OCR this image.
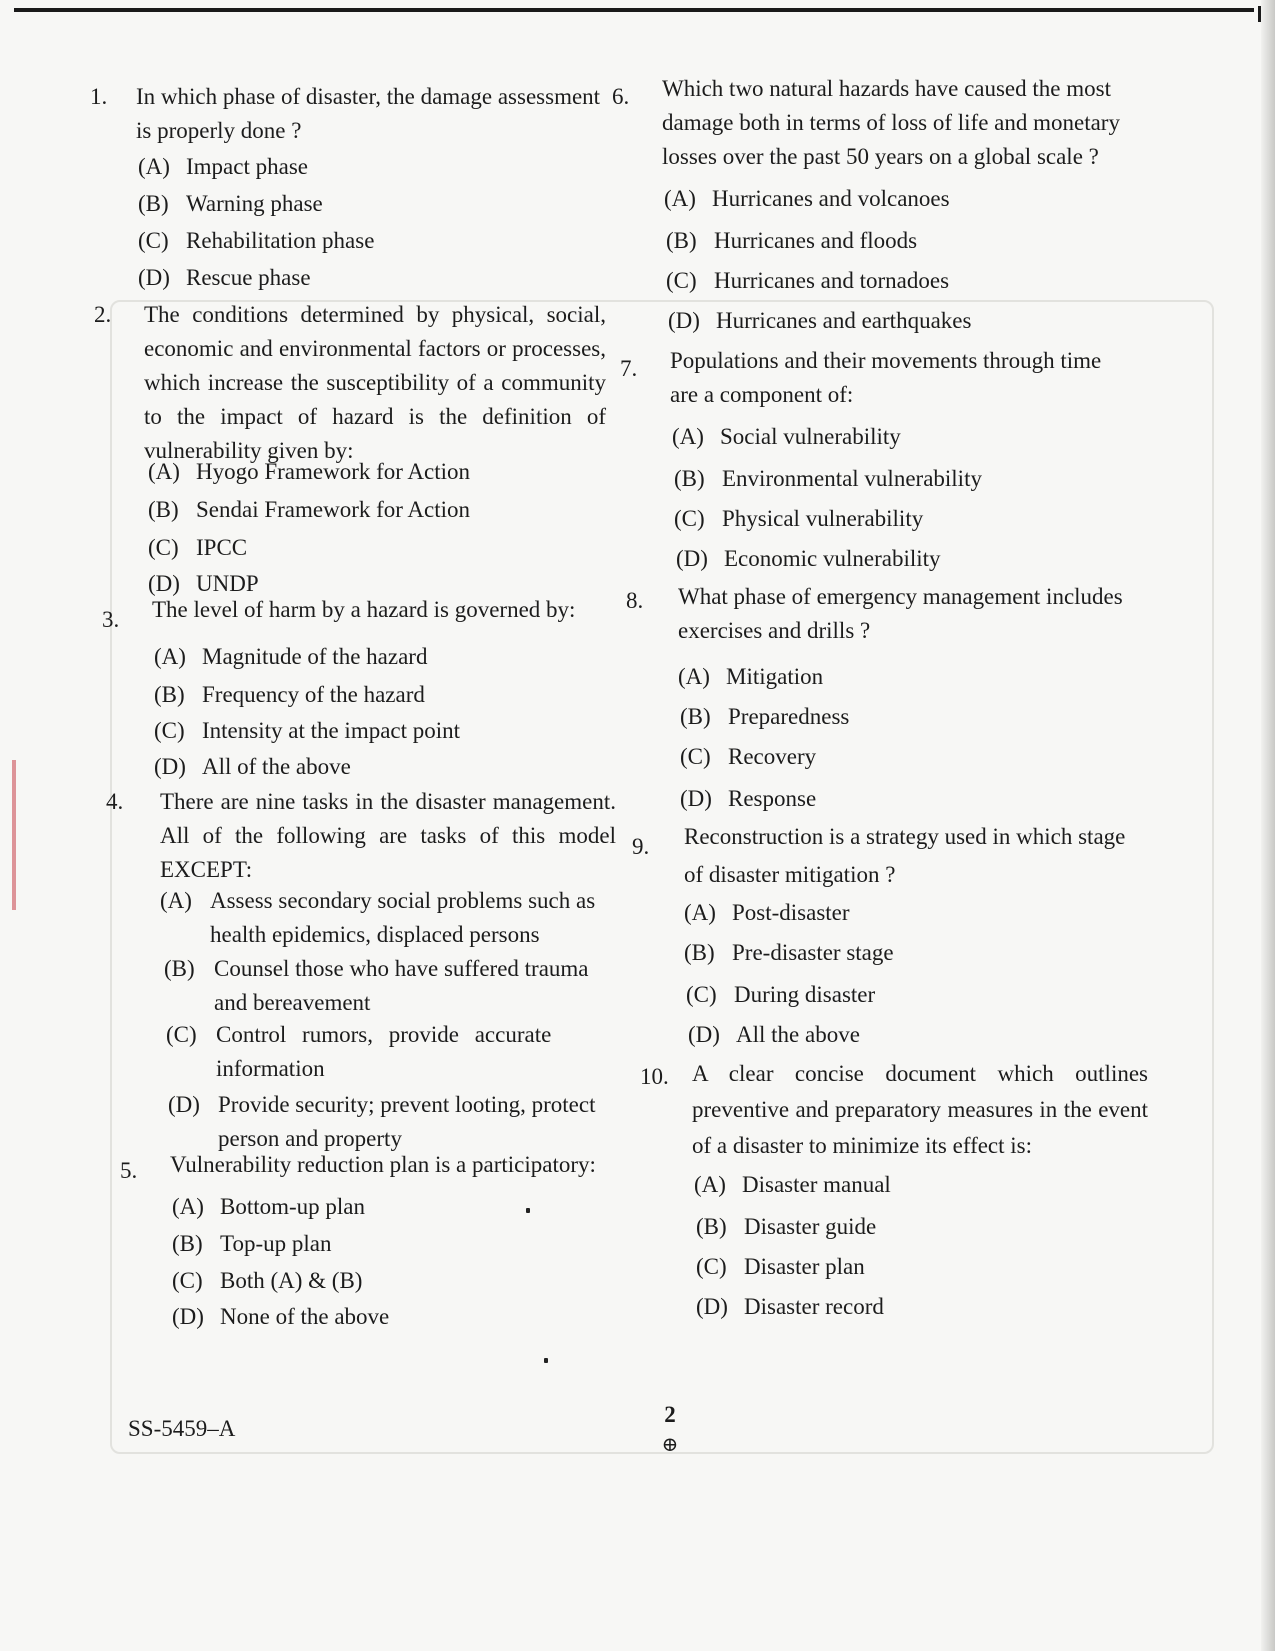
1.	In which phase of disaster, the damage assessment is properly done ?
(A) Impact phase
(B) Warning phase
(C) Rehabilitation phase
(D) Rescue phase
2.	The conditions determined by physical, social, economic and environmental factors or processes, which increase the susceptibility of a community to the impact of hazard is the definition of vulnerability given by:
(A) Hyogo Framework for Action
(B) Sendai Framework for Action
(C) IPCC
(D) UNDP
3.	The level of harm by a hazard is governed by:
(A) Magnitude of the hazard
(B) Frequency of the hazard
(C) Intensity at the impact point
(D) All of the above
4.	There are nine tasks in the disaster management. All of the following are tasks of this model EXCEPT:
(A) Assess secondary social problems such as health epidemics, displaced persons
(B) Counsel those who have suffered trauma and bereavement
(C) Control rumors, provide accurate information
(D) Provide security; prevent looting, protect person and property
5.	Vulnerability reduction plan is a participatory:
(A) Bottom-up plan
(B) Top-up plan
(C) Both (A) & (B)
(D) None of the above
6.	Which two natural hazards have caused the most damage both in terms of loss of life and monetary losses over the past 50 years on a global scale ?
(A) Hurricanes and volcanoes
(B) Hurricanes and floods
(C) Hurricanes and tornadoes
(D) Hurricanes and earthquakes
7.	Populations and their movements through time are a component of:
(A) Social vulnerability
(B) Environmental vulnerability
(C) Physical vulnerability
(D) Economic vulnerability
8.	What phase of emergency management includes exercises and drills ?
(A) Mitigation
(B) Preparedness
(C) Recovery
(D) Response
9.	Reconstruction is a strategy used in which stage of disaster mitigation ?
(A) Post-disaster
(B) Pre-disaster stage
(C) During disaster
(D) All the above
10.	A clear concise document which outlines preventive and preparatory measures in the event of a disaster to minimize its effect is:
(A) Disaster manual
(B) Disaster guide
(C) Disaster plan
(D) Disaster record
SS-5459–A
2
⊕
